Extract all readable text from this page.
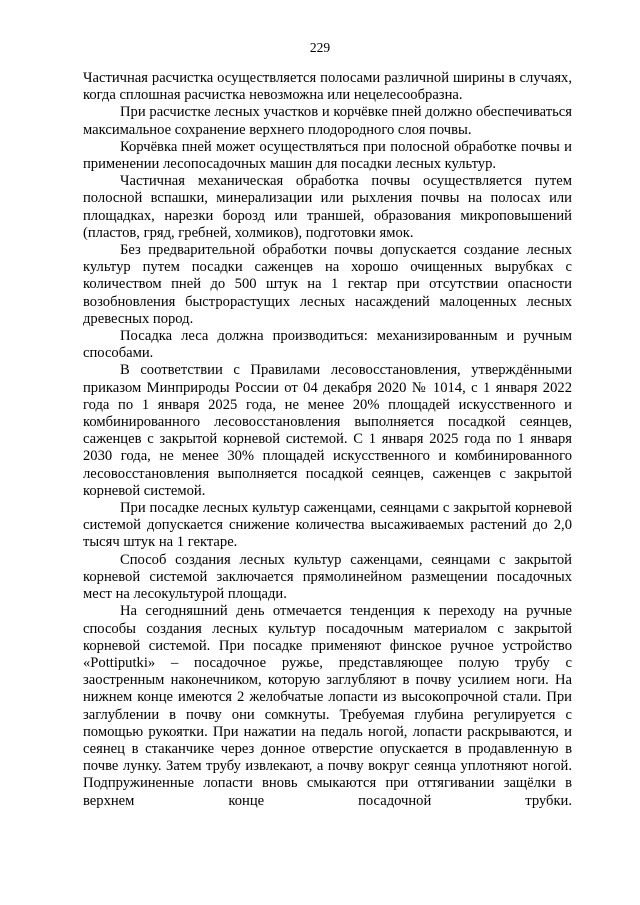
229

Частичная расчистка осуществляется полосами различной ширины в случаях, когда сплошная расчистка невозможна или нецелесообразна.

При расчистке лесных участков и корчёвке пней должно обеспечиваться максимальное сохранение верхнего плодородного слоя почвы.

Корчёвка пней может осуществляться при полосной обработке почвы и применении лесопосадочных машин для посадки лесных культур.

Частичная механическая обработка почвы осуществляется путем полосной вспашки, минерализации или рыхления почвы на полосах или площадках, нарезки борозд или траншей, образования микроповышений (пластов, гряд, гребней, холмиков), подготовки ямок.

Без предварительной обработки почвы допускается создание лесных культур путем посадки саженцев на хорошо очищенных вырубках с количеством пней до 500 штук на 1 гектар при отсутствии опасности возобновления быстрорастущих лесных насаждений малоценных лесных древесных пород.

Посадка леса должна производиться: механизированным и ручным способами.

В соответствии с Правилами лесовосстановления, утверждёнными приказом Минприроды России от 04 декабря 2020 № 1014, с 1 января 2022 года по 1 января 2025 года, не менее 20% площадей искусственного и комбинированного лесовосстановления выполняется посадкой сеянцев, саженцев с закрытой корневой системой. С 1 января 2025 года по 1 января 2030 года, не менее 30% площадей искусственного и комбинированного лесовосстановления выполняется посадкой сеянцев, саженцев с закрытой корневой системой.

При посадке лесных культур саженцами, сеянцами с закрытой корневой системой допускается снижение количества высаживаемых растений до 2,0 тысяч штук на 1 гектаре.

Способ создания лесных культур саженцами, сеянцами с закрытой корневой системой заключается прямолинейном размещении посадочных мест на лесокультурой площади.

На сегодняшний день отмечается тенденция к переходу на ручные способы создания лесных культур посадочным материалом с закрытой корневой системой. При посадке применяют финское ручное устройство «Pottiputki» – посадочное ружье, представляющее полую трубу с заостренным наконечником, которую заглубляют в почву усилием ноги. На нижнем конце имеются 2 желобчатые лопасти из высокопрочной стали. При заглублении в почву они сомкнуты. Требуемая глубина регулируется с помощью рукоятки. При нажатии на педаль ногой, лопасти раскрываются, и сеянец в стаканчике через донное отверстие опускается в продавленную в почве лунку. Затем трубу извлекают, а почву вокруг сеянца уплотняют ногой. Подпружиненные лопасти вновь смыкаются при оттягивании защёлки в верхнем конце посадочной трубки.
